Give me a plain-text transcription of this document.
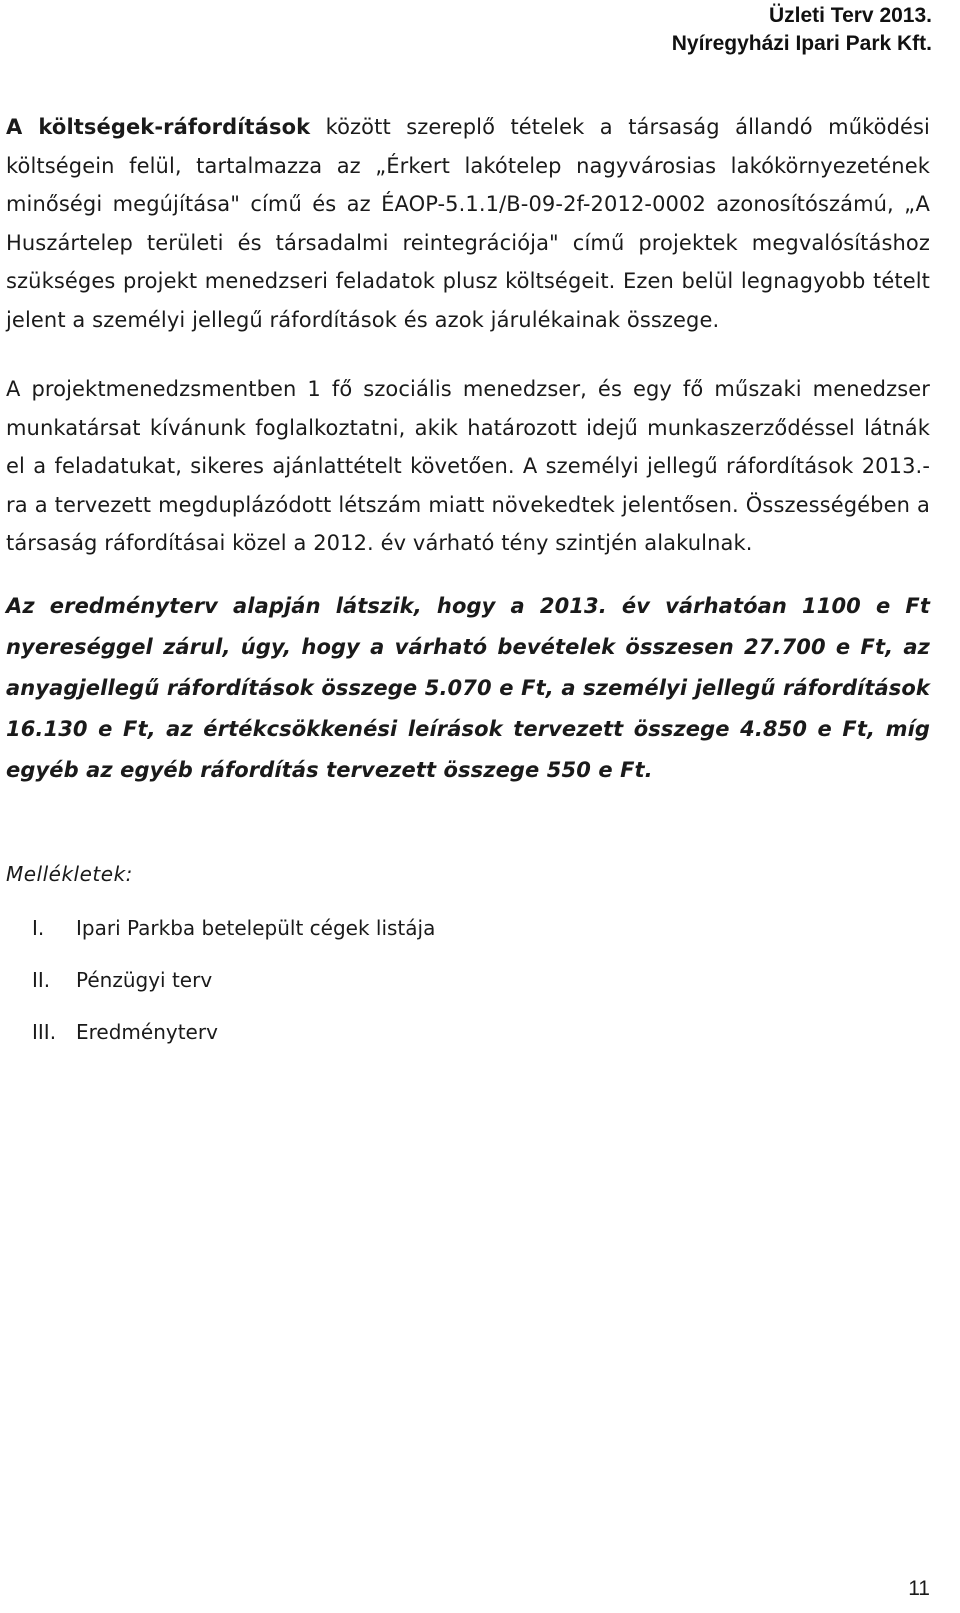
Üzleti Terv 2013.
Nyíregyházi Ipari Park Kft.
A költségek-ráfordítások között szereplő tételek a társaság állandó működési költségein felül, tartalmazza az „Érkert lakótelep nagyvárosias lakókörnyezetének minőségi megújítása" című és az ÉAOP-5.1.1/B-09-2f-2012-0002 azonosítószámú, „A Huszártelep területi és társadalmi reintegrációja" című projektek megvalósításhoz szükséges projekt menedzseri feladatok plusz költségeit. Ezen belül legnagyobb tételt jelent a személyi jellegű ráfordítások és azok járulékainak összege.
A projektmenedzsmentben 1 fő szociális menedzser, és egy fő műszaki menedzser munkatársat kívánunk foglalkoztatni, akik határozott idejű munkaszerződéssel látnák el a feladatukat, sikeres ajánlattételt követően. A személyi jellegű ráfordítások 2013.-ra a tervezett megduplázódott létszám miatt növekedtek jelentősen. Összességében a társaság ráfordításai közel a 2012. év várható tény szintjén alakulnak.
Az eredményterv alapján látszik, hogy a 2013. év várhatóan 1100 e Ft nyereséggel zárul, úgy, hogy a várható bevételek összesen 27.700 e Ft, az anyagjellegű ráfordítások összege 5.070 e Ft, a személyi jellegű ráfordítások 16.130 e Ft, az értékcsökkenési leírások tervezett összege 4.850 e Ft, míg egyéb az egyéb ráfordítás tervezett összege 550 e Ft.
Mellékletek:
I.	Ipari Parkba betelepült cégek listája
II.	Pénzügyi terv
III. Eredményterv
11
